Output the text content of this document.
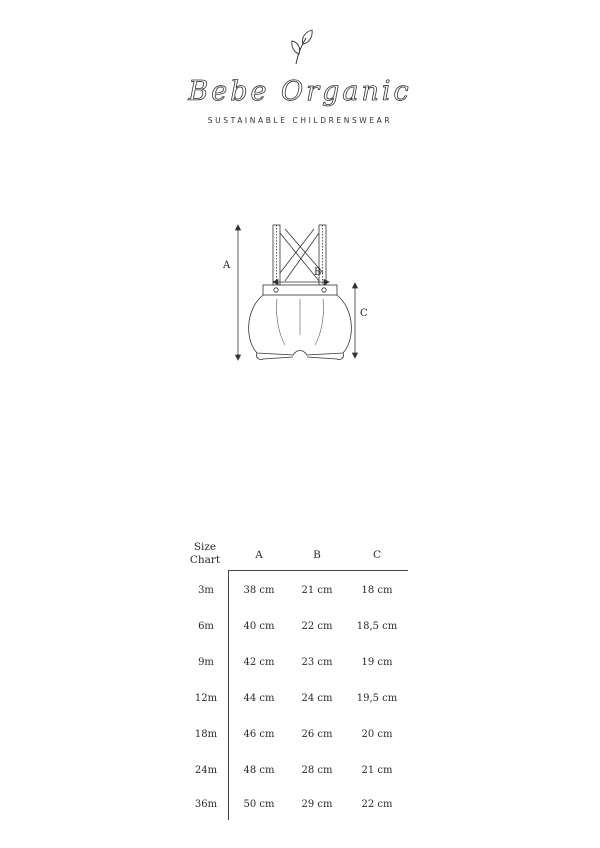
Bebe Organic
SUSTAINABLE CHILDRENSWEAR
A
B
C
Size
Chart	A	B	C
3m	38 cm	21 cm	18 cm
6m	40 cm	22 cm	18,5 cm
9m	42 cm	23 cm	19 cm
12m	44 cm	24 cm	19,5 cm
18m	46 cm	26 cm	20 cm
24m	48 cm	28 cm	21 cm
36m	50 cm	29 cm	22 cm
